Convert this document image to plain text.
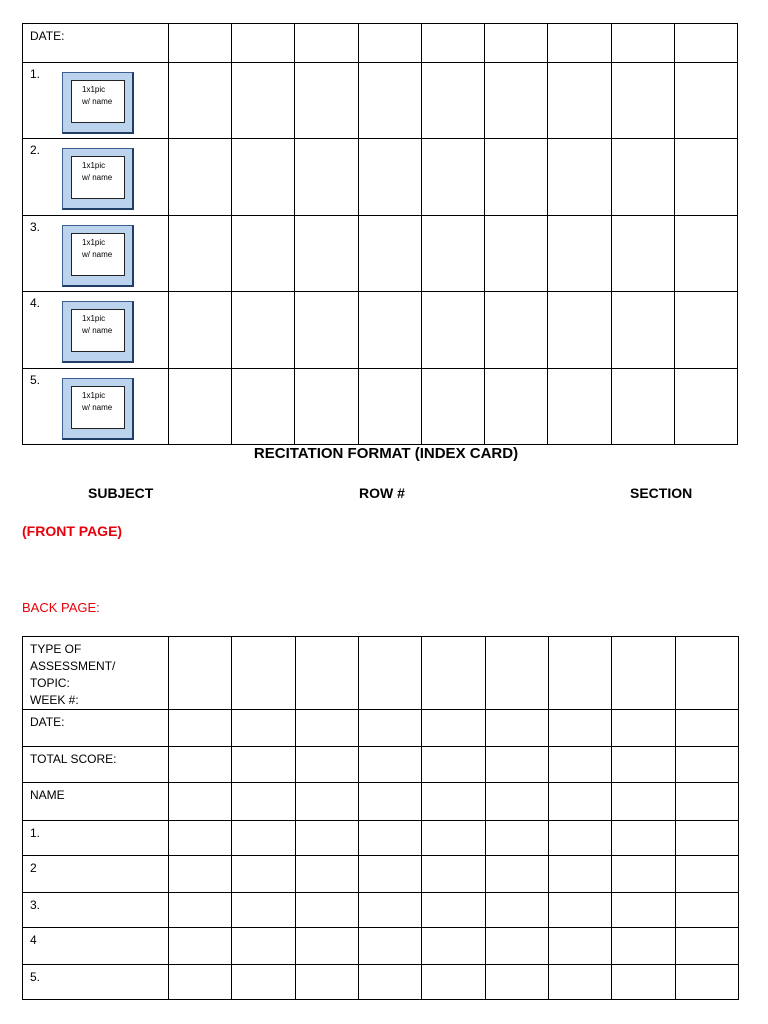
DATE:									

1.
1x1pic
w/ name									

2.
1x1pic
w/ name									

3.
1x1pic
w/ name									

4.
1x1pic
w/ name									

5.
1x1pic
w/ name									

RECITATION FORMAT (INDEX CARD)
SUBJECT	ROW #	SECTION
(FRONT PAGE)
BACK PAGE:
TYPE OF ASSESSMENT/
TOPIC:
WEEK #:									

DATE:									

TOTAL SCORE:									

NAME									

1.									

2									

3.									

4									

5.									
